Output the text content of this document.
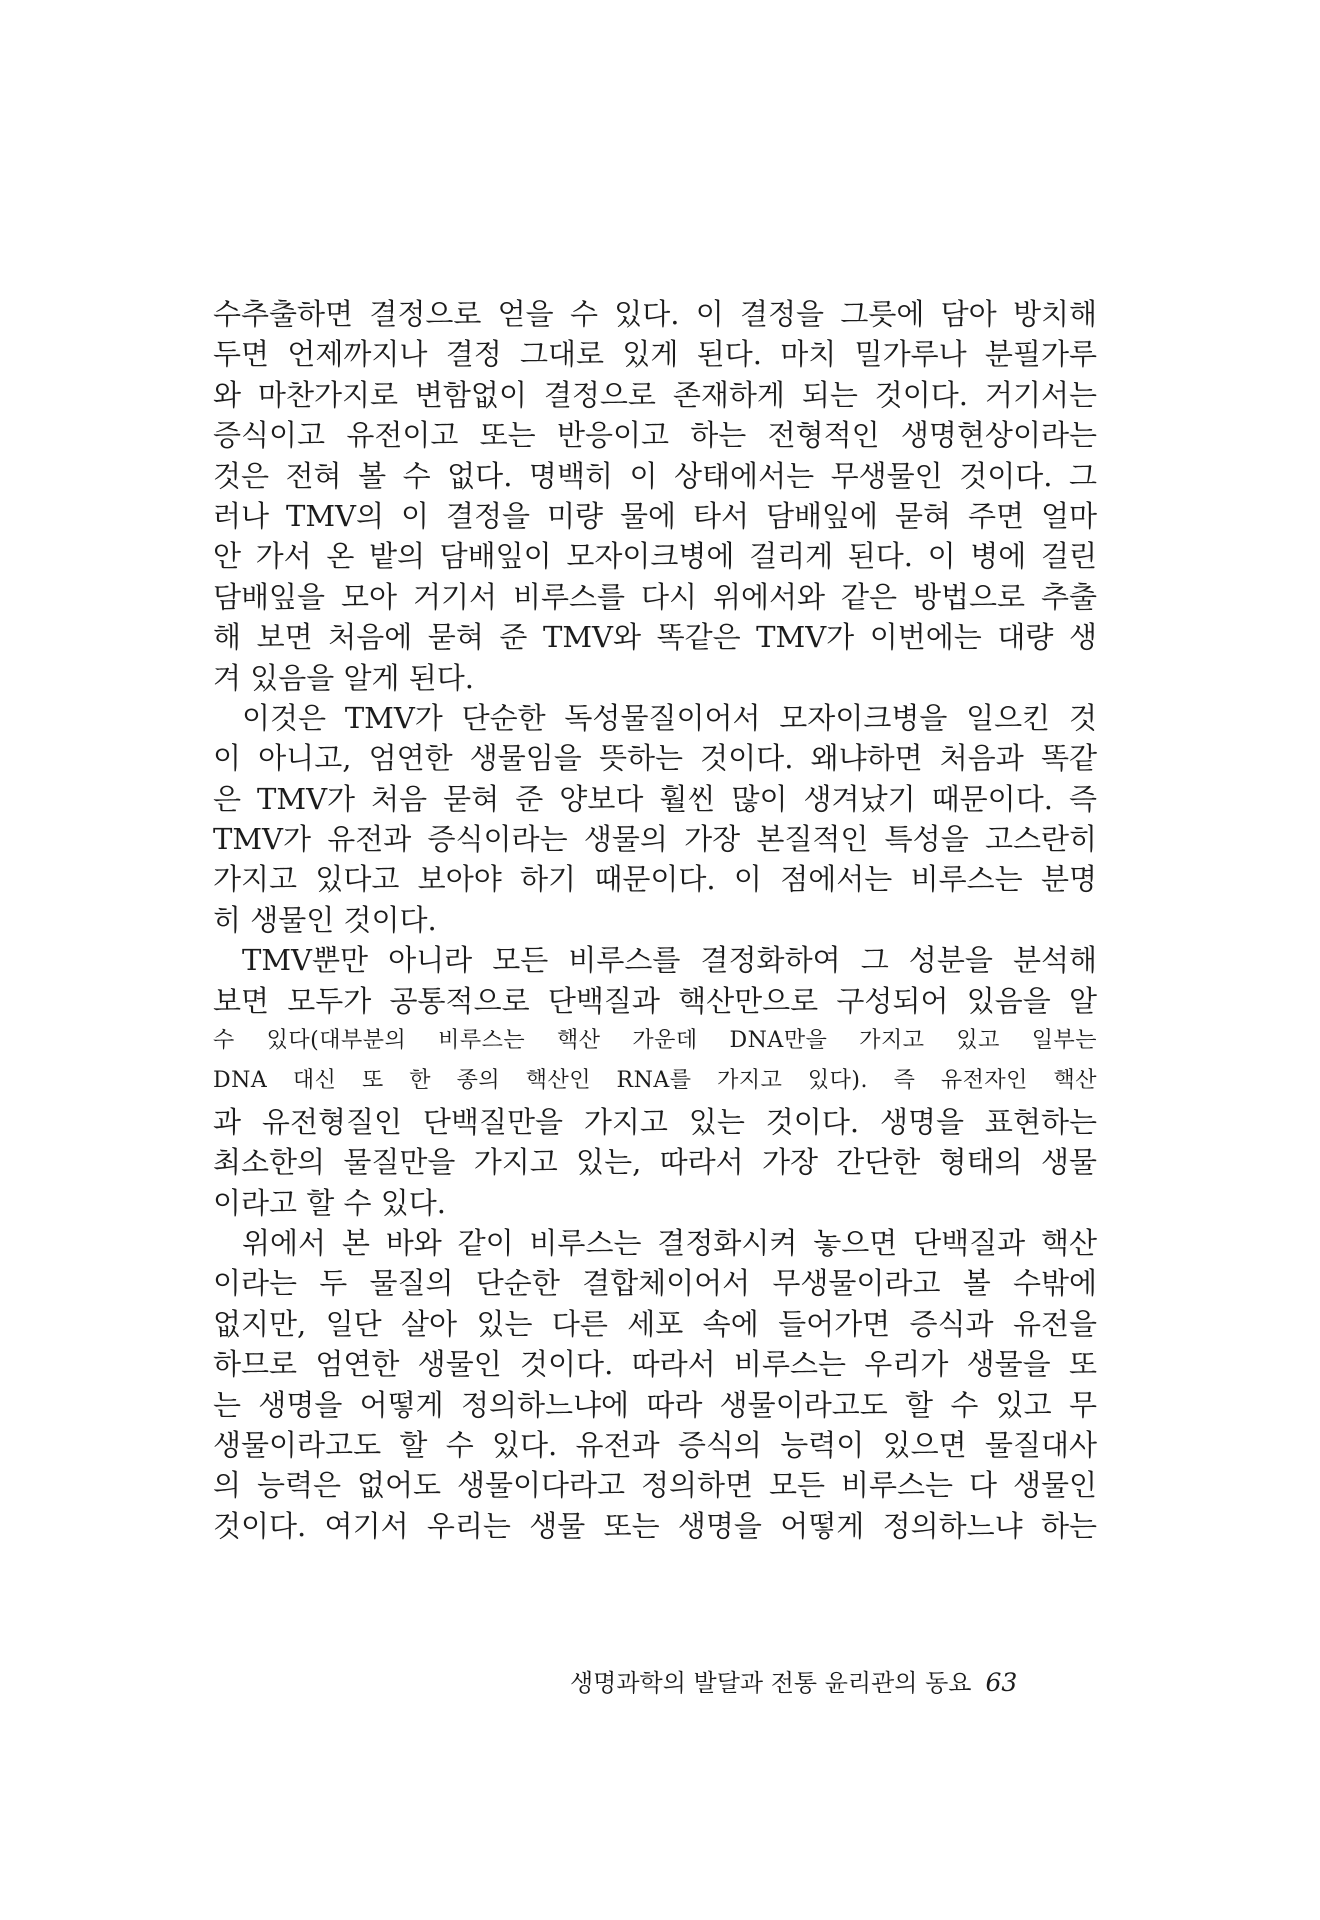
수추출하면 결정으로 얻을 수 있다. 이 결정을 그릇에 담아 방치해
두면 언제까지나 결정 그대로 있게 된다. 마치 밀가루나 분필가루
와 마찬가지로 변함없이 결정으로 존재하게 되는 것이다. 거기서는
증식이고 유전이고 또는 반응이고 하는 전형적인 생명현상이라는
것은 전혀 볼 수 없다. 명백히 이 상태에서는 무생물인 것이다. 그
러나 TMV의 이 결정을 미량 물에 타서 담배잎에 묻혀 주면 얼마
안 가서 온 밭의 담배잎이 모자이크병에 걸리게 된다. 이 병에 걸린
담배잎을 모아 거기서 비루스를 다시 위에서와 같은 방법으로 추출
해 보면 처음에 묻혀 준 TMV와 똑같은 TMV가 이번에는 대량 생
겨 있음을 알게 된다.
이것은 TMV가 단순한 독성물질이어서 모자이크병을 일으킨 것
이 아니고, 엄연한 생물임을 뜻하는 것이다. 왜냐하면 처음과 똑같
은 TMV가 처음 묻혀 준 양보다 훨씬 많이 생겨났기 때문이다. 즉
TMV가 유전과 증식이라는 생물의 가장 본질적인 특성을 고스란히
가지고 있다고 보아야 하기 때문이다. 이 점에서는 비루스는 분명
히 생물인 것이다.
TMV뿐만 아니라 모든 비루스를 결정화하여 그 성분을 분석해
보면 모두가 공통적으로 단백질과 핵산만으로 구성되어 있음을 알
수 있다(대부분의 비루스는 핵산 가운데 DNA만을 가지고 있고 일부는
DNA 대신 또 한 종의 핵산인 RNA를 가지고 있다). 즉 유전자인 핵산
과 유전형질인 단백질만을 가지고 있는 것이다. 생명을 표현하는
최소한의 물질만을 가지고 있는, 따라서 가장 간단한 형태의 생물
이라고 할 수 있다.
위에서 본 바와 같이 비루스는 결정화시켜 놓으면 단백질과 핵산
이라는 두 물질의 단순한 결합체이어서 무생물이라고 볼 수밖에
없지만, 일단 살아 있는 다른 세포 속에 들어가면 증식과 유전을
하므로 엄연한 생물인 것이다. 따라서 비루스는 우리가 생물을 또
는 생명을 어떻게 정의하느냐에 따라 생물이라고도 할 수 있고 무
생물이라고도 할 수 있다. 유전과 증식의 능력이 있으면 물질대사
의 능력은 없어도 생물이다라고 정의하면 모든 비루스는 다 생물인
것이다. 여기서 우리는 생물 또는 생명을 어떻게 정의하느냐 하는
생명과학의 발달과 전통 윤리관의 동요 63
